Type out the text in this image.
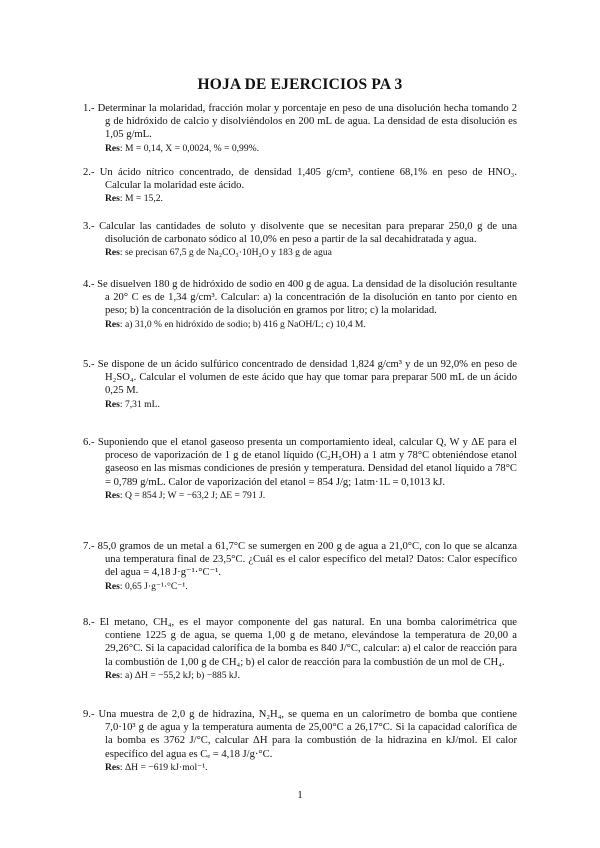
HOJA DE EJERCICIOS PA 3
1.- Determinar la molaridad, fracción molar y porcentaje en peso de una disolución hecha tomando 2 g de hidróxido de calcio y disolviéndolos en 200 mL de agua. La densidad de esta disolución es 1,05 g/mL.
Res: M = 0,14, X = 0,0024, % = 0,99%.
2.- Un ácido nítrico concentrado, de densidad 1,405 g/cm³, contiene 68,1% en peso de HNO₃. Calcular la molaridad este ácido.
Res: M = 15,2.
3.- Calcular las cantidades de soluto y disolvente que se necesitan para preparar 250,0 g de una disolución de carbonato sódico al 10,0% en peso a partir de la sal decahidratada y agua.
Res: se precisan 67,5 g de Na₂CO₃·10H₂O y 183 g de agua
4.- Se disuelven 180 g de hidróxido de sodio en 400 g de agua. La densidad de la disolución resultante a 20° C es de 1,34 g/cm³. Calcular: a) la concentración de la disolución en tanto por ciento en peso; b) la concentración de la disolución en gramos por litro; c) la molaridad.
Res: a) 31,0 % en hidróxido de sodio; b) 416 g NaOH/L; c) 10,4 M.
5.- Se dispone de un ácido sulfúrico concentrado de densidad 1,824 g/cm³ y de un 92,0% en peso de H₂SO₄. Calcular el volumen de este ácido que hay que tomar para preparar 500 mL de un ácido 0,25 M.
Res: 7,31 mL.
6.- Suponiendo que el etanol gaseoso presenta un comportamiento ideal, calcular Q, W y ΔE para el proceso de vaporización de 1 g de etanol líquido (C₂H₅OH) a 1 atm y 78°C obteniéndose etanol gaseoso en las mismas condiciones de presión y temperatura. Densidad del etanol líquido a 78°C = 0,789 g/mL. Calor de vaporización del etanol = 854 J/g; 1atm·1L = 0,1013 kJ.
Res: Q = 854 J; W = −63,2 J; ΔE = 791 J.
7.- 85,0 gramos de un metal a 61,7°C se sumergen en 200 g de agua a 21,0°C, con lo que se alcanza una temperatura final de 23,5°C. ¿Cuál es el calor específico del metal? Datos: Calor específico del agua = 4,18 J·g⁻¹·°C⁻¹.
Res: 0,65 J·g⁻¹·°C⁻¹.
8.- El metano, CH₄, es el mayor componente del gas natural. En una bomba calorimétrica que contiene 1225 g de agua, se quema 1,00 g de metano, elevándose la temperatura de 20,00 a 29,26°C. Si la capacidad calorífica de la bomba es 840 J/°C, calcular: a) el calor de reacción para la combustión de 1,00 g de CH₄; b) el calor de reacción para la combustión de un mol de CH₄.
Res: a) ΔH = −55,2 kJ; b) −885 kJ.
9.- Una muestra de 2,0 g de hidrazina, N₂H₄, se quema en un calorímetro de bomba que contiene 7,0·10³ g de agua y la temperatura aumenta de 25,00°C a 26,17°C. Si la capacidad calorífica de la bomba es 3762 J/°C, calcular ΔH para la combustión de la hidrazina en kJ/mol. El calor específico del agua es Cₑ = 4,18 J/g·°C.
Res: ΔH = −619 kJ·mol⁻¹.
1
